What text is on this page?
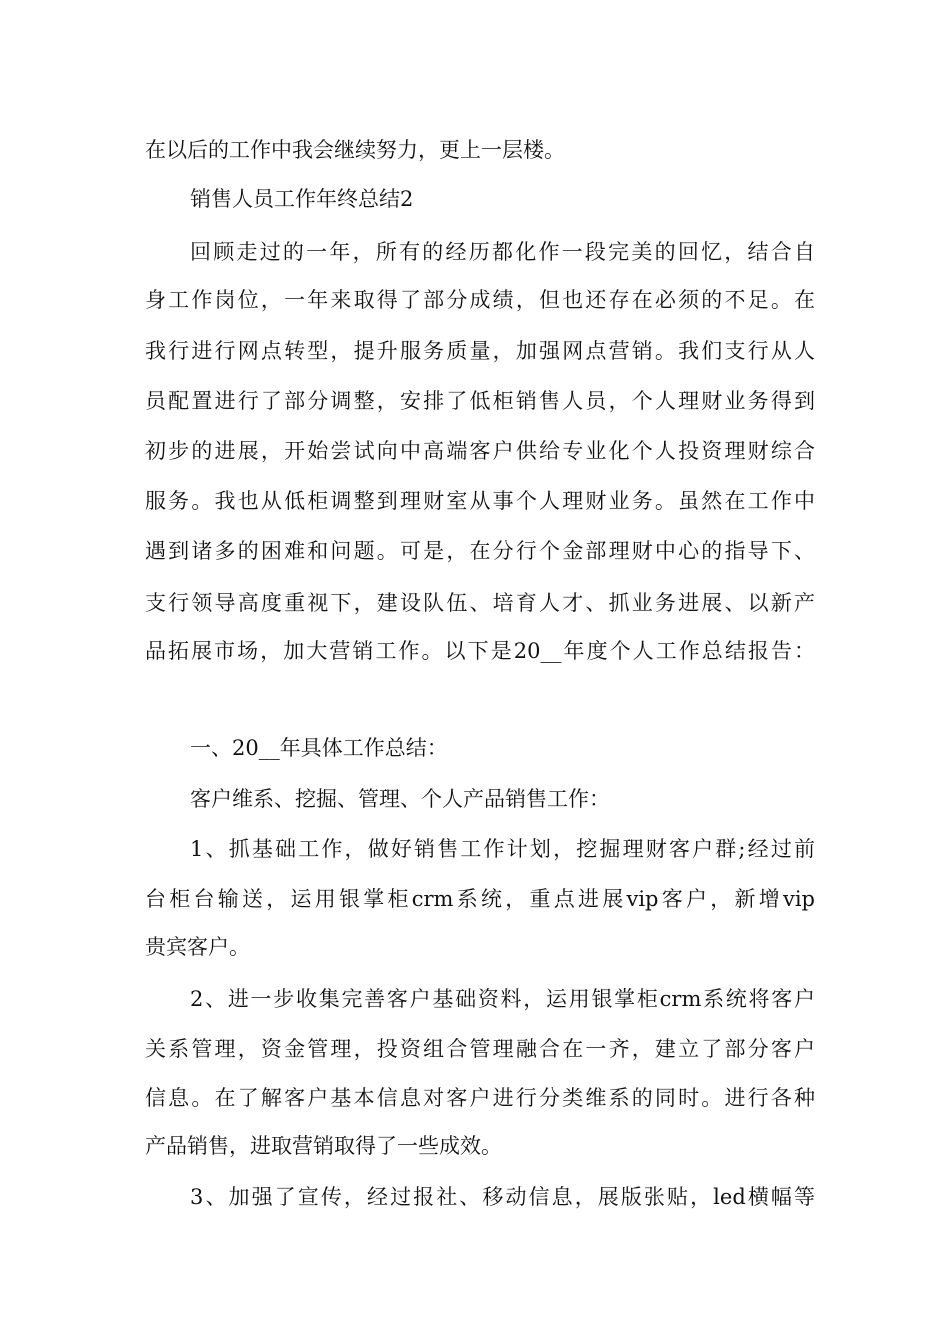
在以后的工作中我会继续努力，更上一层楼。
销售人员工作年终总结2
回顾走过的一年，所有的经历都化作一段完美的回忆，结合自
身工作岗位，一年来取得了部分成绩，但也还存在必须的不足。在
我行进行网点转型，提升服务质量，加强网点营销。我们支行从人
员配置进行了部分调整，安排了低柜销售人员，个人理财业务得到
初步的进展，开始尝试向中高端客户供给专业化个人投资理财综合
服务。我也从低柜调整到理财室从事个人理财业务。虽然在工作中
遇到诸多的困难和问题。可是，在分行个金部理财中心的指导下、
支行领导高度重视下，建设队伍、培育人才、抓业务进展、以新产
品拓展市场，加大营销工作。以下是20__年度个人工作总结报告：
一、20__年具体工作总结：
客户维系、挖掘、管理、个人产品销售工作：
1、抓基础工作，做好销售工作计划，挖掘理财客户群;经过前
台柜台输送，运用银掌柜crm系统，重点进展vip客户，新增vip
贵宾客户。
2、进一步收集完善客户基础资料，运用银掌柜crm系统将客户
关系管理，资金管理，投资组合管理融合在一齐，建立了部分客户
信息。在了解客户基本信息对客户进行分类维系的同时。进行各种
产品销售，进取营销取得了一些成效。
3、加强了宣传，经过报社、移动信息，展版张贴，led横幅等
